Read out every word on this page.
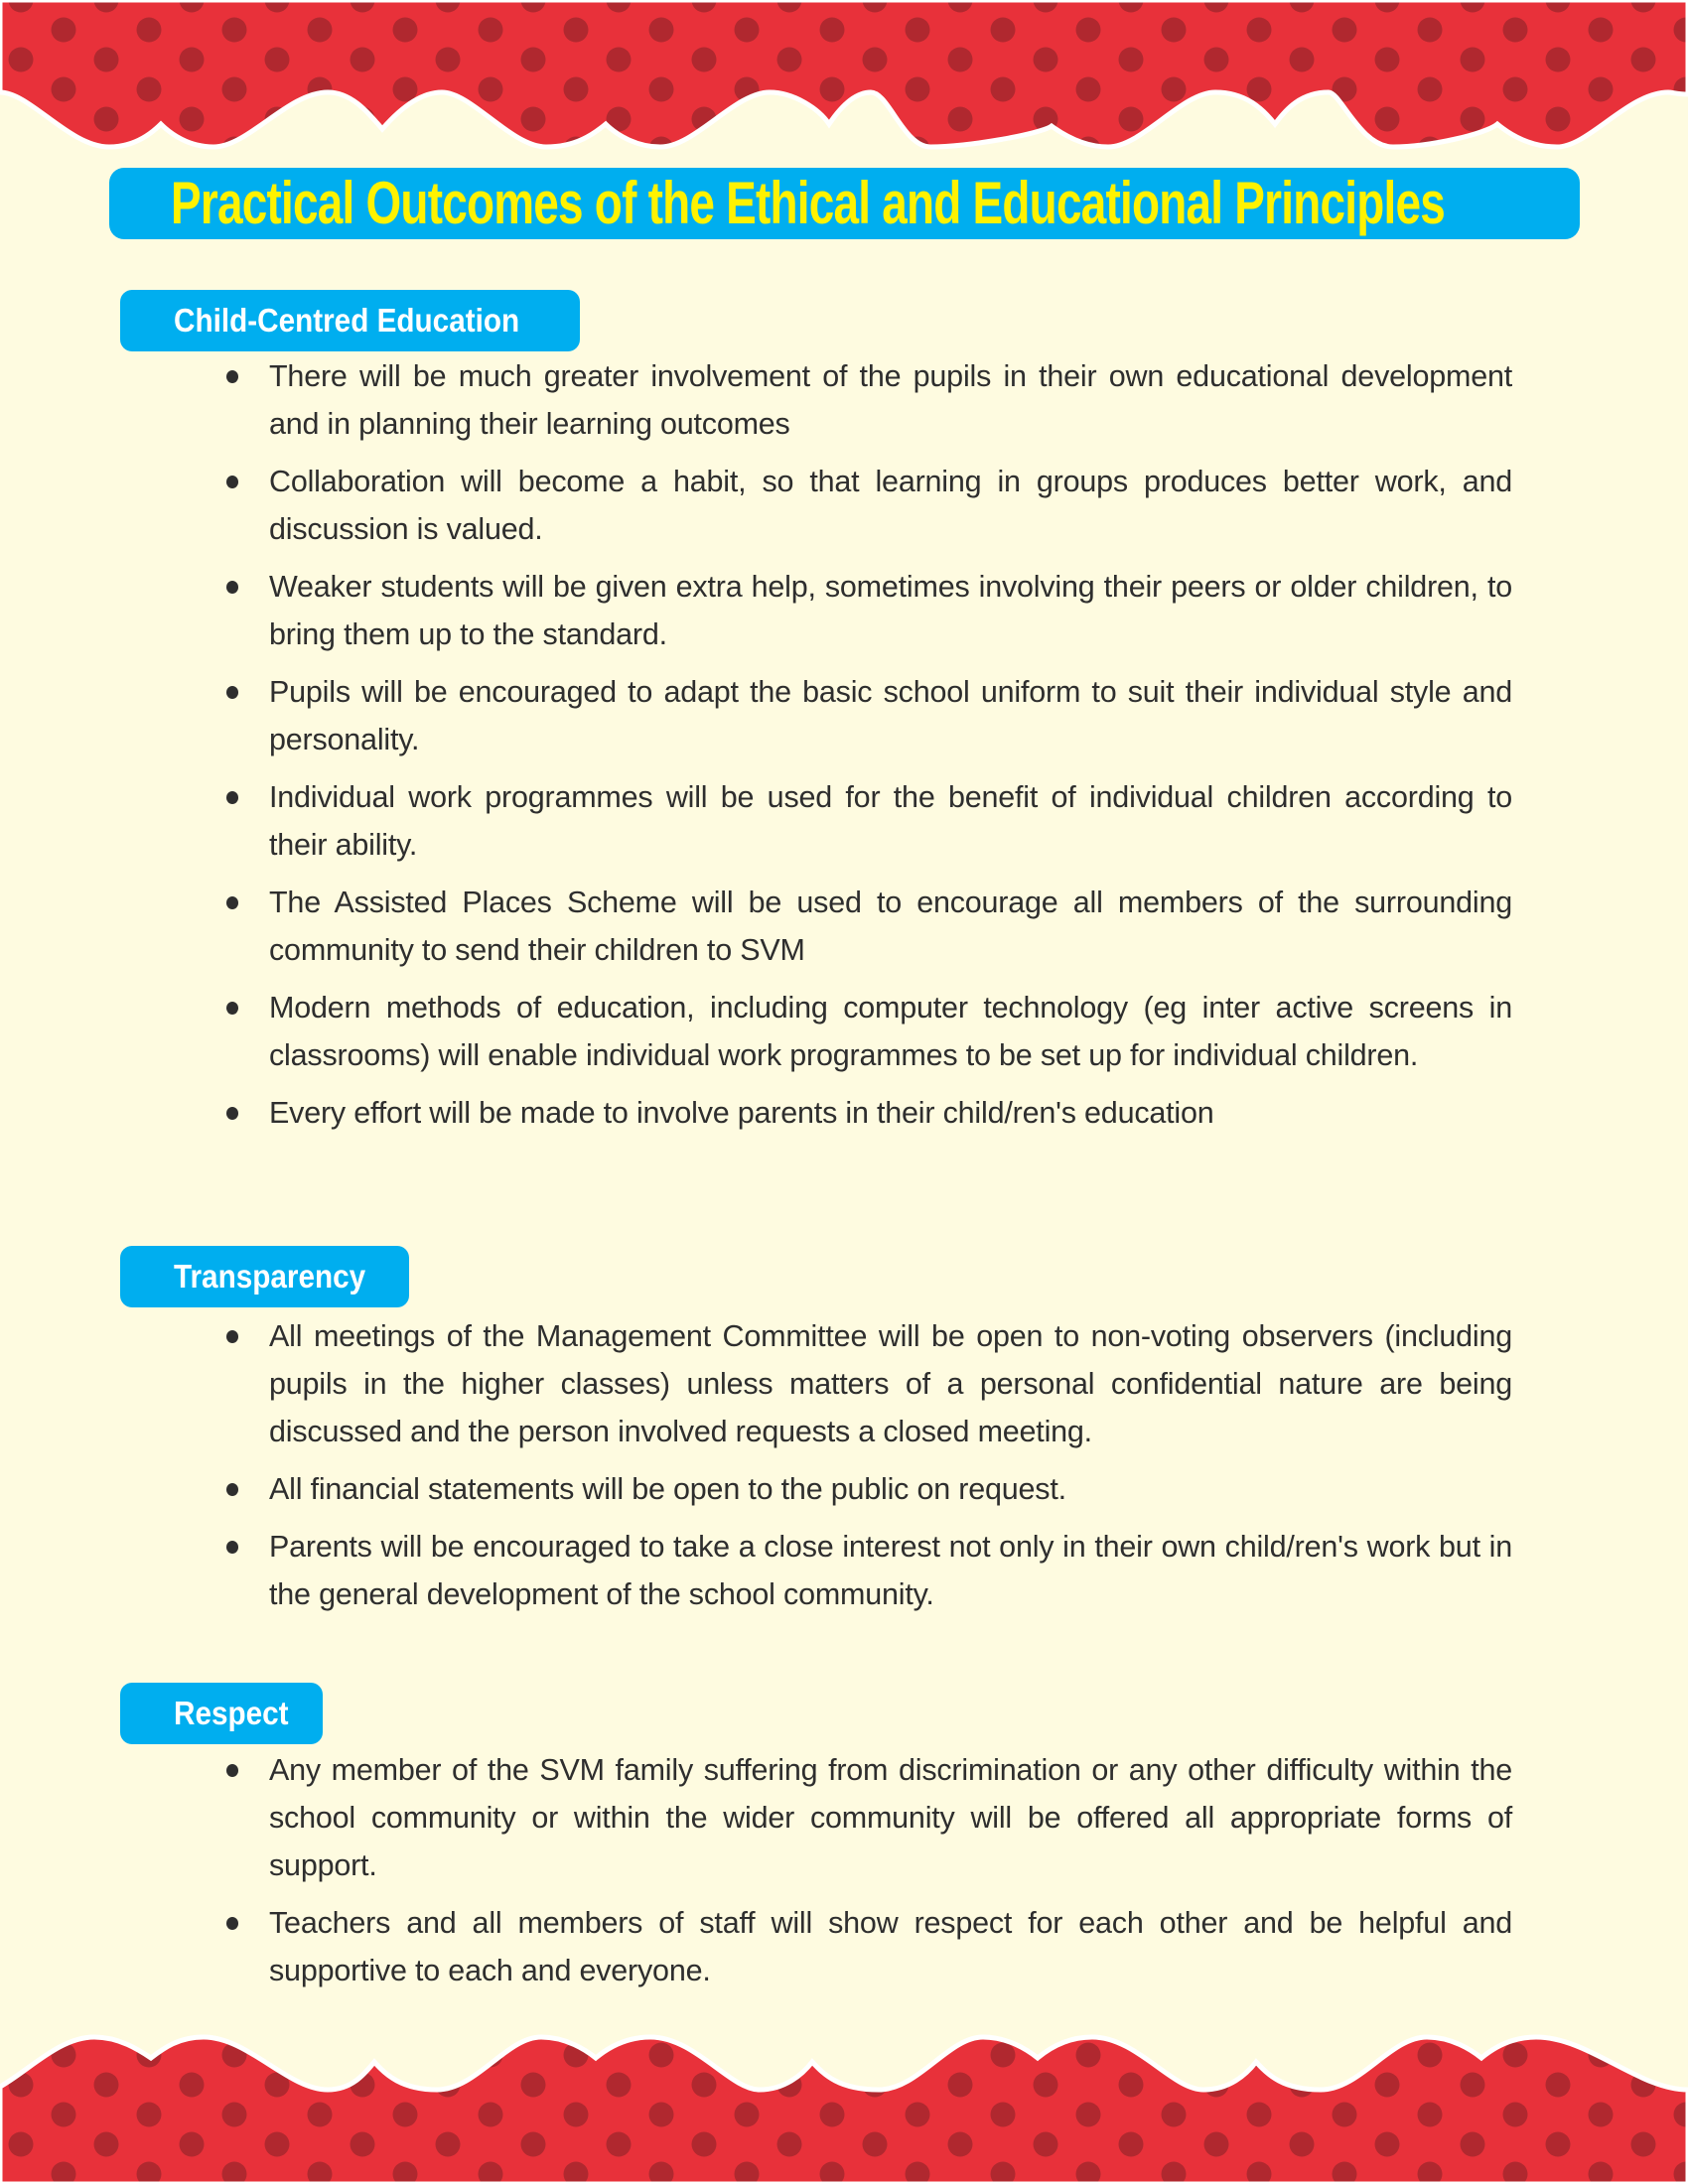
Practical Outcomes of the Ethical and Educational Principles
Child-Centred Education
There will be much greater involvement of the pupils in their own educational development and in planning their learning outcomes
Collaboration will become a habit, so that learning in groups produces better work, and discussion is valued.
Weaker students will be given extra help, sometimes involving their peers or older children, to bring them up to the standard.
Pupils will be encouraged to adapt the basic school uniform to suit their individual style and personality.
Individual work programmes will be used for the benefit of individual children according to their ability.
The Assisted Places Scheme will be used to encourage all members of the surrounding community to send their children to SVM
Modern methods of education, including computer technology (eg inter active screens in classrooms) will enable individual work programmes to be set up for individual children.
Every effort will be made to involve parents in their child/ren's education
Transparency
All meetings of the Management Committee will be open to non-voting observers (including pupils in the higher classes) unless matters of a personal confidential nature are being discussed and the person involved requests a closed meeting.
All financial statements will be open to the public on request.
Parents will be encouraged to take a close interest not only in their own child/ren's work but in the general development of the school community.
Respect
Any member of the SVM family suffering from discrimination or any other difficulty within the school community or within the wider community will be offered all appropriate forms of support.
Teachers and all members of staff will show respect for each other and be helpful and supportive to each and everyone.
